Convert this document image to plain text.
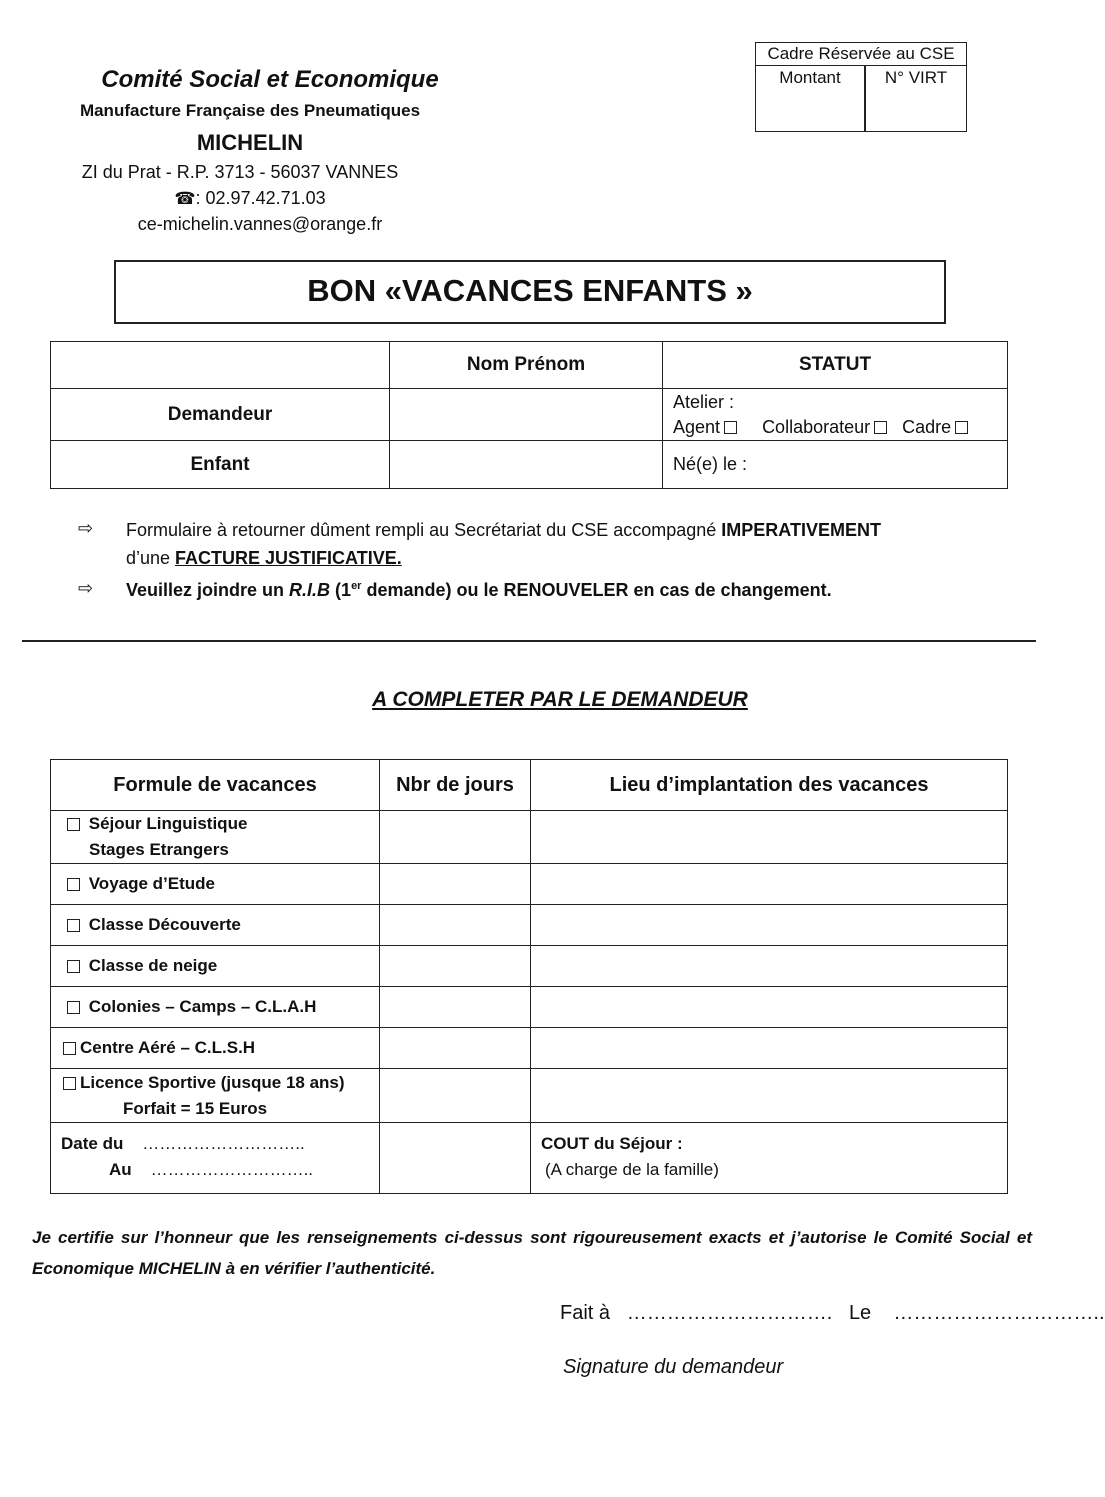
Comité Social et Economique
Manufacture Française des Pneumatiques
MICHELIN
ZI du Prat - R.P. 3713 - 56037 VANNES
☎: 02.97.42.71.03
ce-michelin.vannes@orange.fr
Cadre Réservée au CSE
Montant	N° VIRT
BON «VACANCES ENFANTS »
	Nom Prénom	STATUT
Demandeur		Atelier :
Agent Collaborateur Cadre

Enfant		Né(e) le :
⇨ Formulaire à retourner dûment rempli au Secrétariat du CSE accompagné IMPERATIVEMENT
d’une FACTURE JUSTIFICATIVE.
⇨ Veuillez joindre un R.I.B (1er demande) ou le RENOUVELER en cas de changement.
A COMPLETER PAR LE DEMANDEUR
Formule de vacances	Nbr de jours	Lieu d’implantation des vacances
Séjour Linguistique
Stages Etrangers		
Voyage d’Etude		
Classe Découverte		
Classe de neige		
Colonies – Camps – C.L.A.H		
Centre Aéré – C.L.S.H		
Licence Sportive (jusque 18 ans)
Forfait = 15 Euros		
Date du ………………………..
Au ………………………..		COUT du Séjour :
(A charge de la famille)
Je certifie sur l’honneur que les renseignements ci-dessus sont rigoureusement exacts et j’autorise le Comité Social et Economique MICHELIN à en vérifier l’authenticité.
Fait à …………………………. Le …………………………..
Signature du demandeur
